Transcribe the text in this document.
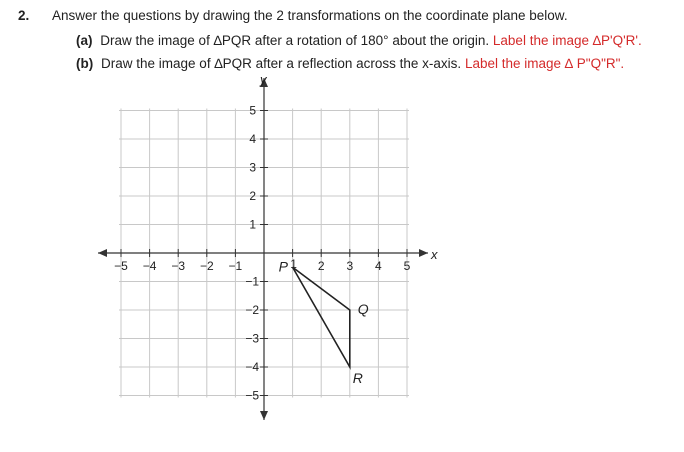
2. Answer the questions by drawing the 2 transformations on the coordinate plane below.
(a) Draw the image of ∆PQR after a rotation of 180° about the origin. Label the image ∆P'Q'R'.
(b) Draw the image of ∆PQR after a reflection across the x-axis. Label the image ∆ P"Q"R".
−5 −4 −3 −2 −1	2 3 4 5
1
5
4
3
2
1
−1
−2
−3
−4
−5
P
Q
R
y
x
